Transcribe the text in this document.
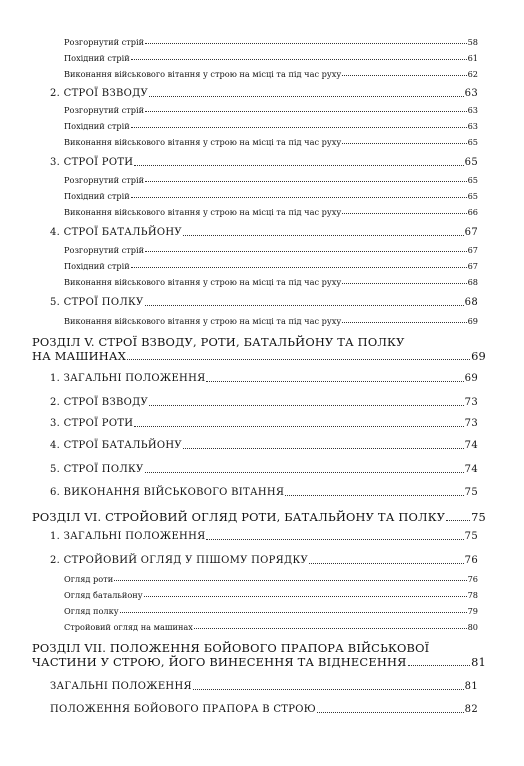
Розгорнутий стрій	58
Похідний стрій	61
Виконання військового вітання у строю на місці та під час руху	62
2. СТРОЇ ВЗВОДУ	63
Розгорнутий стрій	63
Похідний стрій	63
Виконання військового вітання у строю на місці та під час руху	65
3. СТРОЇ РОТИ	65
Розгорнутий стрій	65
Похідний стрій	65
Виконання військового вітання у строю на місці та під час руху	66
4. СТРОЇ БАТАЛЬЙОНУ	67
Розгорнутий стрій	67
Похідний стрій	67
Виконання військового вітання у строю на місці та під час руху	68
5. СТРОЇ ПОЛКУ	68
Виконання військового вітання у строю на місці та під час руху	69
РОЗДІЛ V. СТРОЇ ВЗВОДУ, РОТИ, БАТАЛЬЙОНУ ТА ПОЛКУ
НА МАШИНАХ	69
1. ЗАГАЛЬНІ ПОЛОЖЕННЯ	69
2. СТРОЇ ВЗВОДУ	73
3. СТРОЇ РОТИ	73
4. СТРОЇ БАТАЛЬЙОНУ	74
5. СТРОЇ ПОЛКУ	74
6. ВИКОНАННЯ ВІЙСЬКОВОГО ВІТАННЯ	75
РОЗДІЛ VI. СТРОЙОВИЙ ОГЛЯД РОТИ, БАТАЛЬЙОНУ ТА ПОЛКУ 75
1. ЗАГАЛЬНІ ПОЛОЖЕННЯ	75
2. СТРОЙОВИЙ ОГЛЯД У ПІШОМУ ПОРЯДКУ	76
Огляд роти	76
Огляд батальйону	78
Огляд полку	79
Стройовий огляд на машинах	80
РОЗДІЛ VII. ПОЛОЖЕННЯ БОЙОВОГО ПРАПОРА ВІЙСЬКОВОЇ
ЧАСТИНИ У СТРОЮ, ЙОГО ВИНЕСЕННЯ ТА ВІДНЕСЕННЯ	81
ЗАГАЛЬНІ ПОЛОЖЕННЯ	81
ПОЛОЖЕННЯ БОЙОВОГО ПРАПОРА В СТРОЮ	82
